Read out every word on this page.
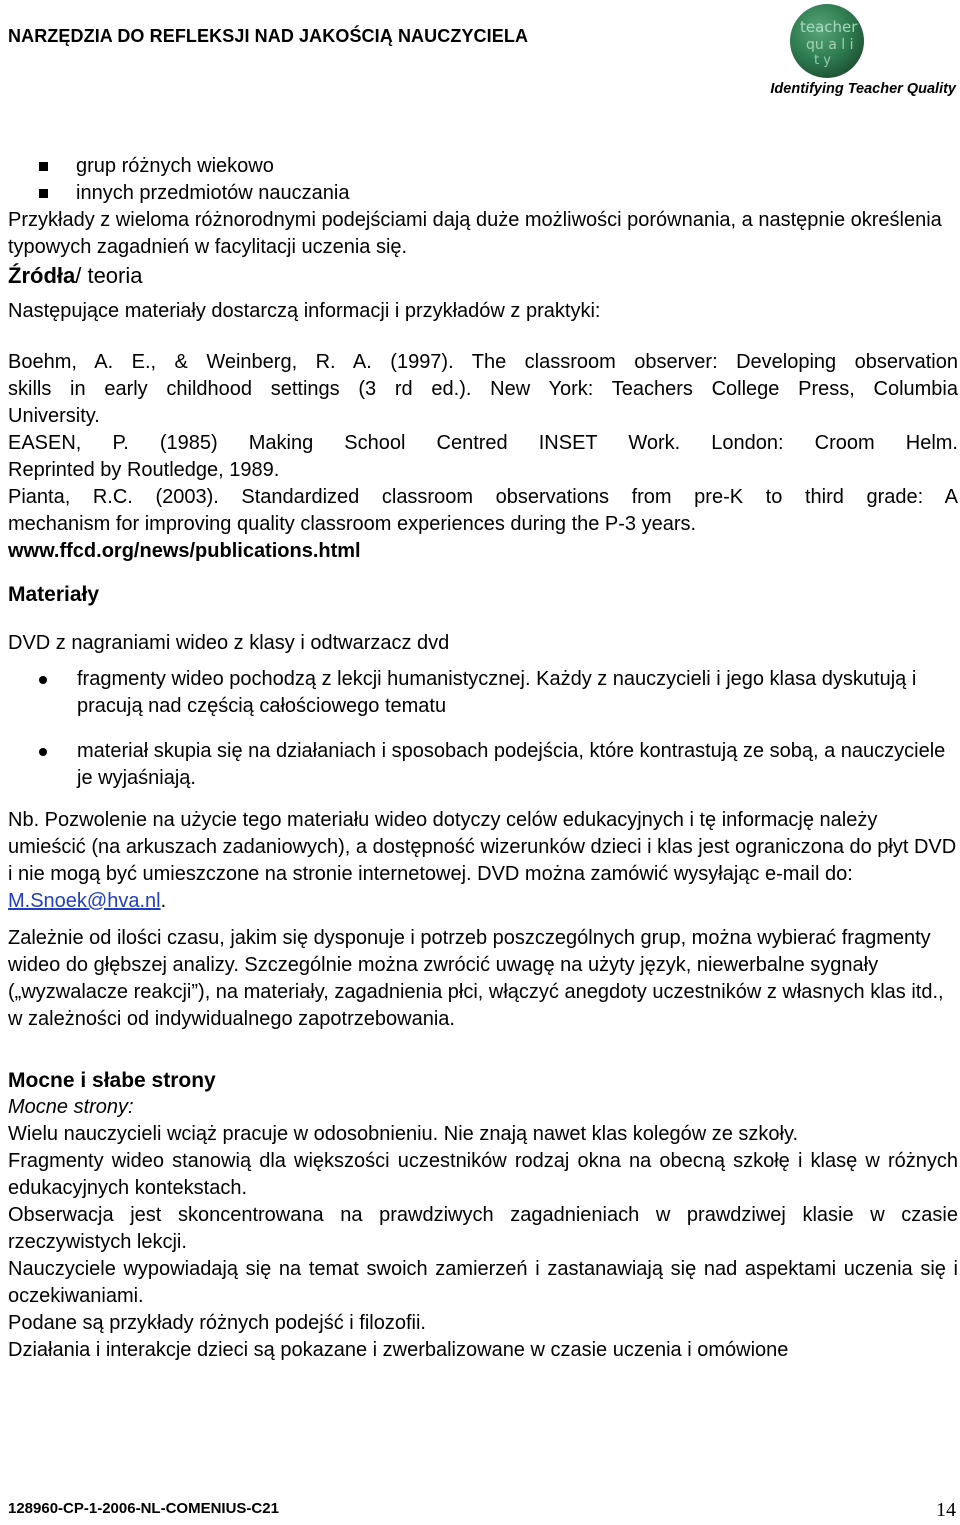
NARZĘDZIA DO REFLEKSJI NAD JAKOŚCIĄ NAUCZYCIELA	teacher
qu a l i
t y
Identifying Teacher Quality
grup różnych wiekowo
innych przedmiotów nauczania

Przykłady z wieloma różnorodnymi podejściami dają duże możliwości porównania, a następnie określenia typowych zagadnień w facylitacji uczenia się.

Źródła/ teoria

Następujące materiały dostarczą informacji i przykładów z praktyki:

Boehm, A. E., & Weinberg, R. A. (1997). The classroom observer: Developing observation
skills in early childhood settings (3 rd ed.). New York: Teachers College Press, Columbia
University.
EASEN, P. (1985) Making School Centred INSET Work. London: Croom Helm.
Reprinted by Routledge, 1989.
Pianta, R.C. (2003). Standardized classroom observations from pre-K to third grade: A
mechanism for improving quality classroom experiences during the P-3 years.
www.ffcd.org/news/publications.html

Materiały

DVD z nagraniami wideo z klasy i odtwarzacz dvd

fragmenty wideo pochodzą z lekcji humanistycznej. Każdy z nauczycieli i jego klasa dyskutują i pracują nad częścią całościowego tematu
materiał skupia się na działaniach i sposobach podejścia, które kontrastują ze sobą, a nauczyciele je wyjaśniają.

Nb. Pozwolenie na użycie tego materiału wideo dotyczy celów edukacyjnych i tę informację należy umieścić (na arkuszach zadaniowych), a dostępność wizerunków dzieci i klas jest ograniczona do płyt DVD i nie mogą być umieszczone na stronie internetowej. DVD można zamówić wysyłając e-mail do: M.Snoek@hva.nl.

Zależnie od ilości czasu, jakim się dysponuje i potrzeb poszczególnych grup, można wybierać fragmenty wideo do głębszej analizy. Szczególnie można zwrócić uwagę na użyty język, niewerbalne sygnały („wyzwalacze reakcji”), na materiały, zagadnienia płci, włączyć anegdoty uczestników z własnych klas itd., w zależności od indywidualnego zapotrzebowania.

Mocne i słabe strony

Mocne strony:

Wielu nauczycieli wciąż pracuje w odosobnieniu. Nie znają nawet klas kolegów ze szkoły.

Fragmenty wideo stanowią dla większości uczestników rodzaj okna na obecną szkołę i klasę w różnych edukacyjnych kontekstach.

Obserwacja jest skoncentrowana na prawdziwych zagadnieniach w prawdziwej klasie w czasie rzeczywistych lekcji.

Nauczyciele wypowiadają się na temat swoich zamierzeń i zastanawiają się nad aspektami uczenia się i oczekiwaniami.

Podane są przykłady różnych podejść i filozofii.

Działania i interakcje dzieci są pokazane i zwerbalizowane w czasie uczenia i omówione

128960-CP-1-2006-NL-COMENIUS-C21	14
